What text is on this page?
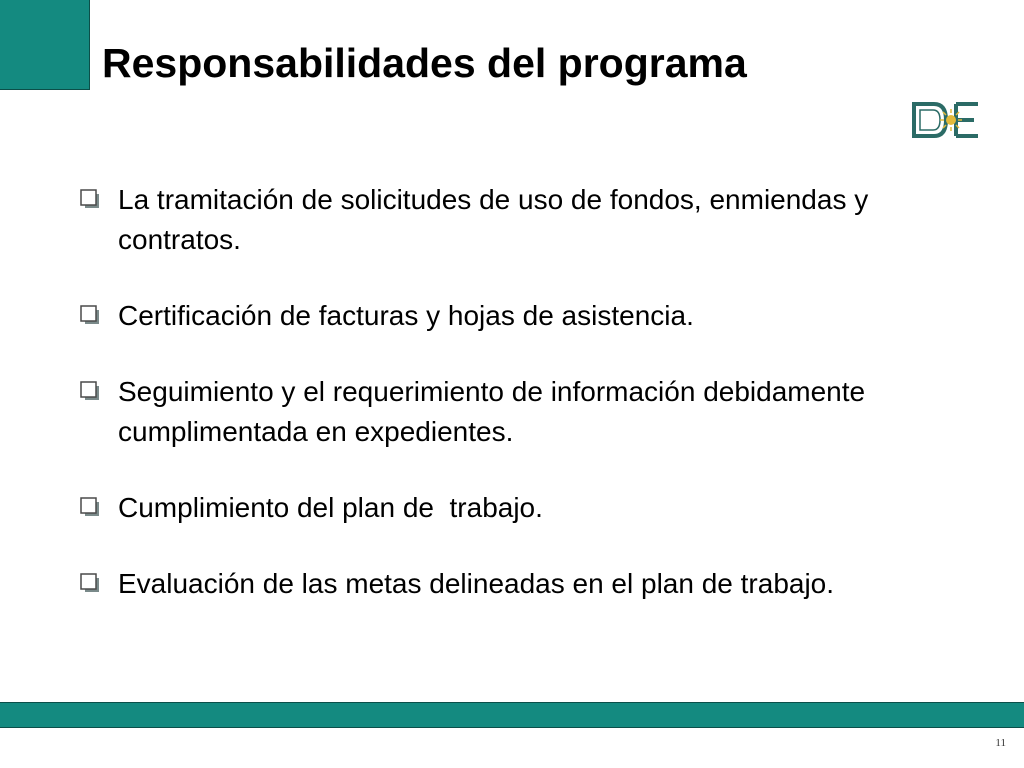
Responsabilidades del programa
La tramitación de solicitudes de uso de fondos, enmiendas y contratos.
Certificación de facturas y hojas de asistencia.
Seguimiento y el requerimiento de información debidamente cumplimentada en expedientes.
Cumplimiento del plan de  trabajo.
Evaluación de las metas delineadas en el plan de trabajo.
11
